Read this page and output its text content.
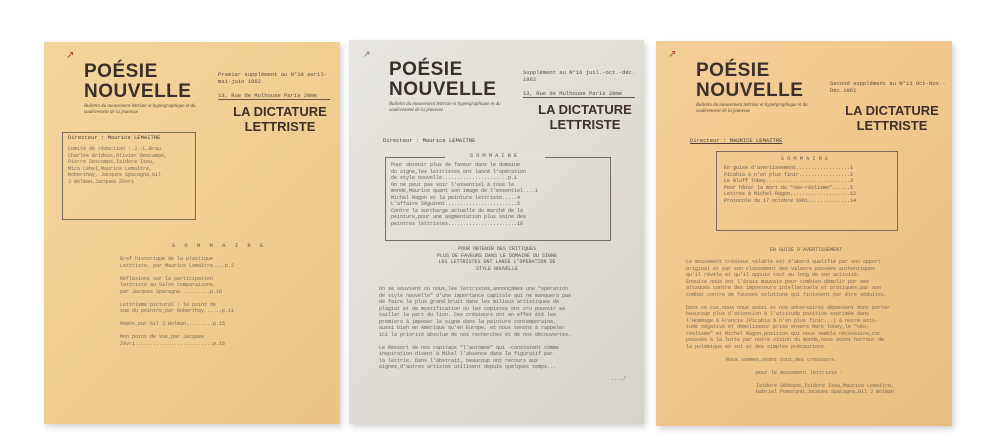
↗
POÉSIE
NOUVELLE
Bulletin du mouvement lettriste et hypergraphique et du soulèvement de la jeunesse
Premier supplément au N°10 avril-mai-juin 1962
13, Rue de Mulhouse Paris 2ème
LA DICTATURE
LETTRISTE
Directeur : Maurice LEMAITRE
Comité de rédaction : J.-L.Brau
Charles Bridoux,Olivier Descamps,
Pierre Descamps,Isidore Isou,
Mica Lebel,Maurice Lemaître,
Roberthay, Jacques Spacagna,Gil
J Wolman,Jacques Zévri
S O M M A I R E
Bref historique de la plastique
Lettriste, par Maurice Lemaître....p.2
Réflexions sur la participation
lettriste au Salon Comparaisons,
par Jacques Spacagna..........p.10
Lettrisme pictural : le point de
vue du peintre,par Roberthay......p.11
Mémos,par Gil J Wolman.........p.15
Mon point de vue,par Jacques
Zévri..........................p.16
↗
POÉSIE
NOUVELLE
Bulletin du mouvement lettriste et hypergraphique et du soulèvement de la jeunesse
Supplément au N°16 juil.-oct.-déc. 1962
13, Rue de Mulhouse Paris 2ème
LA DICTATURE
LETTRISTE
Directeur : Maurice LEMAITRE
SOMMAIRE
Pour obtenir plus de faveur dans le domaine
du signe,les lettristes ont lancé l'opération
de style nouvelle......................p.1
On ne peut pas voir l'essentiel à tous le
monde,Maurice quant son image de l'essentiel....1
Michel Ragon et la peinture lettriste.....4
L'affaire Séguinot........................5
Contre la surcharge actuelle du marché de la
peinture,pour une augmentation plus saine des
peintres lettristes.......................10
POUR OBTENIR DES CRITIQUES
PLUS DE FAVEURS DANS LE DOMAINE DU SIGNE
LES LETTRISTES ONT LANCE L'OPERATION DE
STYLE NOUVELLE
On se souvient où nous,les lettristes,annonçâmes une "opération
de style nouvelle" d'une importance capitale qui ne manquera pas
de faire le plus grand bruit dans les milieux artistiques de
plagiat et de mystification où les copistes ont cru pouvoir se
tailler la part du lion. Ces créateurs ont en effet été les
premiers à imposer le signe dans la peinture contemporaine,
aussi bien en Amérique qu'en Europe, et nous tenons à rappeler
ici la priorité absolue de nos recherches et de nos découvertes.
Le Ressort de nos capitaux "l'automne" qui -constatent comme
inspiration-disent à Mikel l'absence dans le figuratif par
la lettrie. Dans l'abstrait, beaucoup ont recours aux
signes,d'autres artistes utilisent depuis quelques temps...
..../
↗
POÉSIE
NOUVELLE
Bulletin du mouvement lettriste et hypergraphique et du soulèvement de la jeunesse
Second supplément au N°13 Oct-Nov.-Déc.1961
LA DICTATURE
LETTRISTE
Directeur : MAURICE LEMAITRE
SOMMAIRE
En guise d'avertissement..................1
Picabia à n'en plus finir.................2
Le Bluff Tobey............................3
Pour hâter la mort du "néo-réalisme"......5
Lettres à Michel Ragon....................12
Protocole du 17 octobre 1961..............14
EN GUISE D'AVERTISSEMENT
Le mouvement créateur valable est d'abord qualifié par son apport
original et par son classement des valeurs passées authentiques
qu'il révèle et qu'il appuie tout au long de son activité.
Ensuite nous ont l'étais mauvais pour combien démolir par ses
attaques contre des imposteurs intellectuels et pratiques,par son
combat contre de fausses solutions qui finissent par être séduites.
Dans ce cas,nous nous aussi et nos adversaires dépensent donc porter
beaucoup plus d'attention à l'attitude positive exprimée dans
l'Hommage à Francis (Picabia à n'en plus finir...) à notre atti-
tude négative et démolisseur prise envers Mark Tobey,le "néo-
réalisme" et Michel Ragon,position qui nous semble nécessaire,car
poussés à la lutte par notre vision du monde,nous avons horreur de
la polémique en soi et des simples précautions.
Nous sommes,avant tout,des créateurs.
pour le mouvement lettriste :
Isidore Sébbane,Isidore Isou,Maurice Lemaître,
Gabriel Pomerand,Jacques Spacagna,Gil J Wolman
